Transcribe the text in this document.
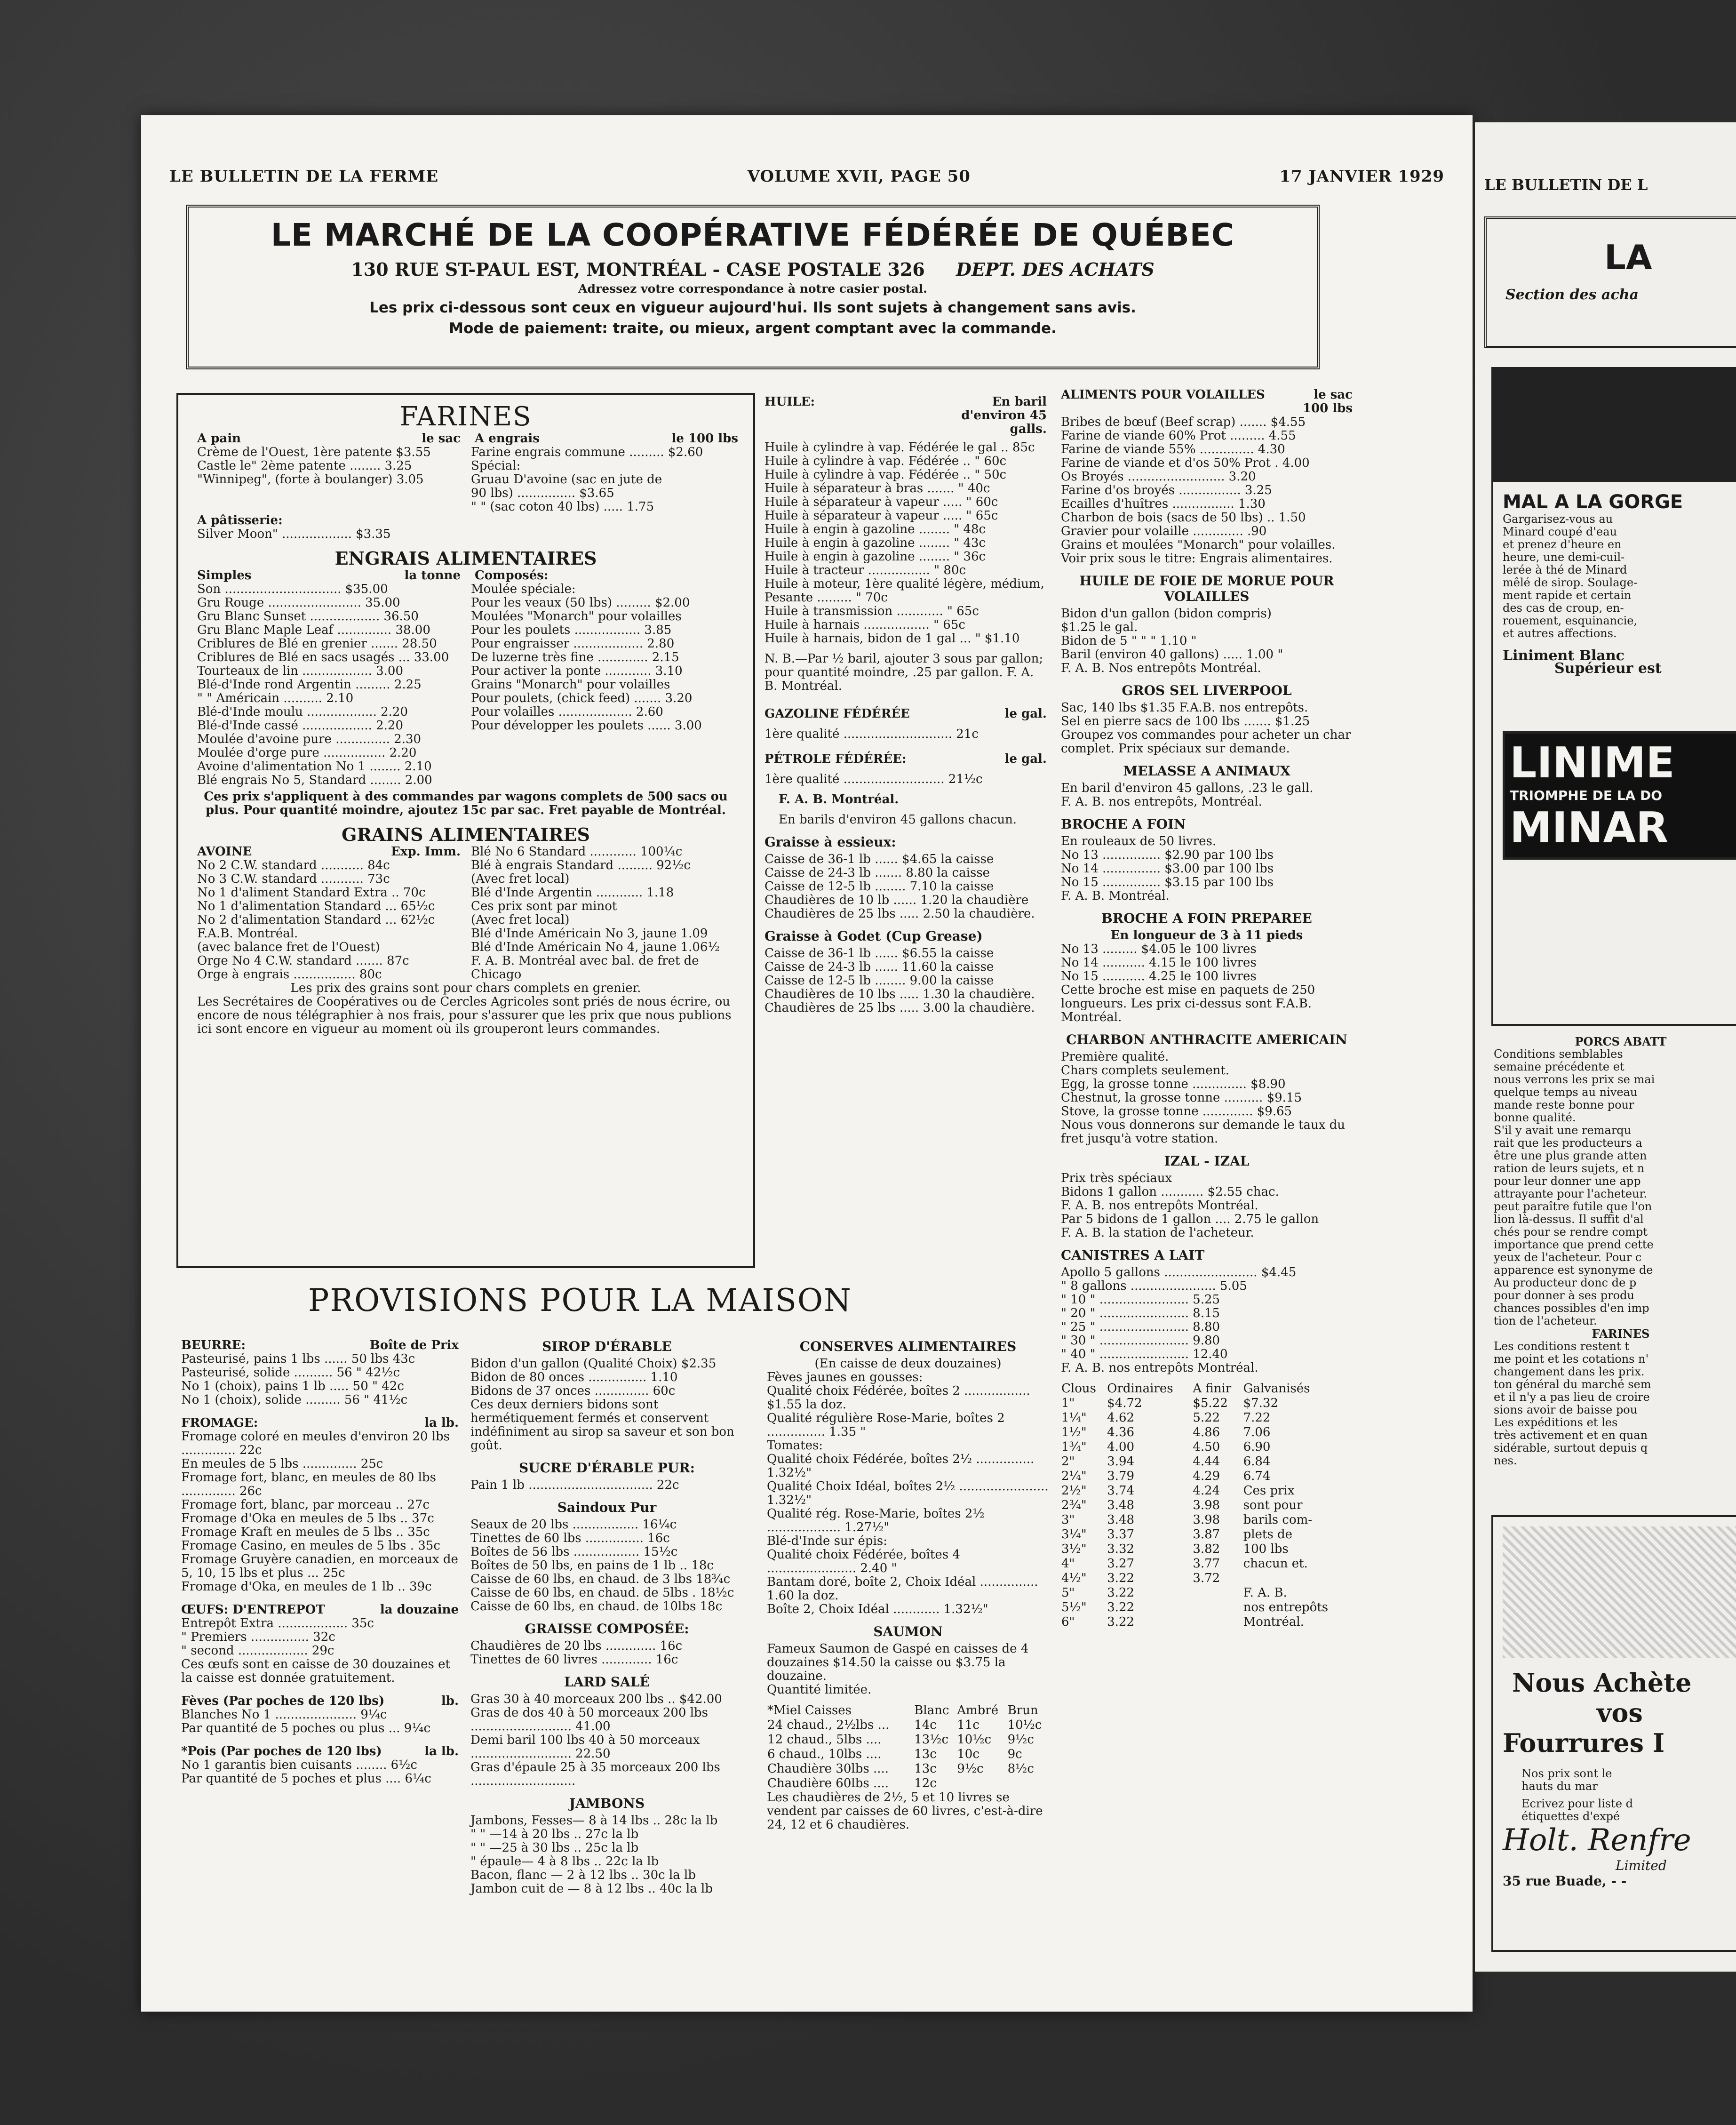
LE BULLETIN DE LA FERME	VOLUME XVII, PAGE 50	17 JANVIER 1929
LE MARCHÉ DE LA COOPÉRATIVE FÉDÉRÉE DE QUÉBEC
130 RUE ST-PAUL EST, MONTRÉAL - CASE POSTALE 326 DEPT. DES ACHATS
Adressez votre correspondance à notre casier postal.
Les prix ci-dessous sont ceux en vigueur aujourd'hui. Ils sont sujets à changement sans avis.
Mode de paiement: traite, ou mieux, argent comptant avec la commande.
FARINES
A pain	le sac A engrais	le 100 lbs
Crème de l'Ouest, 1ère patente $3.55
Castle le" 2ème patente ........ 3.25
"Winnipeg", (forte à boulanger) 3.05
Farine engrais commune ......... $2.60
Spécial:
Gruau D'avoine (sac en jute de
90 lbs) ............... $3.65
" " (sac coton 40 lbs) ..... 1.75
A pâtisserie:
Silver Moon" .................. $3.35
ENGRAIS ALIMENTAIRES
Simples	la tonne Composés:
Son .............................. $35.00
Gru Rouge ........................ 35.00
Gru Blanc Sunset .................. 36.50
Gru Blanc Maple Leaf .............. 38.00
Criblures de Blé en grenier ....... 28.50
Criblures de Blé en sacs usagés ... 33.00
Tourteaux de lin .................. 3.00
Blé-d'Inde rond Argentin ......... 2.25
" " Américain .......... 2.10
Blé-d'Inde moulu .................. 2.20
Blé-d'Inde cassé .................. 2.20
Moulée d'avoine pure .............. 2.30
Moulée d'orge pure ................ 2.20
Avoine d'alimentation No 1 ........ 2.10
Blé engrais No 5, Standard ........ 2.00
Moulée spéciale:
Pour les veaux (50 lbs) ......... $2.00
Moulées "Monarch" pour volailles
Pour les poulets ................. 3.85
Pour engraisser .................. 2.80
De luzerne très fine ............. 2.15
Pour activer la ponte ............ 3.10
Grains "Monarch" pour volailles
Pour poulets, (chick feed) ....... 3.20
Pour volailles ................... 2.60
Pour développer les poulets ...... 3.00
Ces prix s'appliquent à des commandes par wagons complets de 500 sacs ou plus. Pour quantité moindre, ajoutez 15c par sac. Fret payable de Montréal.
GRAINS ALIMENTAIRES
AVOINE	Exp. Imm.
No 2 C.W. standard ........... 84c
No 3 C.W. standard ........... 73c
No 1 d'aliment Standard Extra .. 70c
No 1 d'alimentation Standard ... 65½c
No 2 d'alimentation Standard ... 62½c
F.A.B. Montréal.
(avec balance fret de l'Ouest)
Orge No 4 C.W. standard ....... 87c
Orge à engrais ................ 80c
Blé No 6 Standard ............ 100¼c
Blé à engrais Standard ......... 92½c
(Avec fret local)
Blé d'Inde Argentin ............ 1.18
Ces prix sont par minot
(Avec fret local)
Blé d'Inde Américain No 3, jaune 1.09
Blé d'Inde Américain No 4, jaune 1.06½
F. A. B. Montréal avec bal. de fret de Chicago
Les prix des grains sont pour chars complets en grenier.
Les Secrétaires de Coopératives ou de Cercles Agricoles sont priés de nous écrire, ou encore de nous télégraphier à nos frais, pour s'assurer que les prix que nous publions ici sont encore en vigueur au moment où ils grouperont leurs commandes.
HUILE:	En baril d'environ 45 galls.
Huile à cylindre à vap. Fédérée le gal .. 85c
Huile à cylindre à vap. Fédérée .. " 60c
Huile à cylindre à vap. Fédérée .. " 50c
Huile à séparateur à bras ....... " 40c
Huile à séparateur à vapeur ..... " 60c
Huile à séparateur à vapeur ..... " 65c
Huile à engin à gazoline ........ " 48c
Huile à engin à gazoline ........ " 43c
Huile à engin à gazoline ........ " 36c
Huile à tracteur ................ " 80c
Huile à moteur, 1ère qualité légère, médium, Pesante ......... " 70c
Huile à transmission ............ " 65c
Huile à harnais ................. " 65c
Huile à harnais, bidon de 1 gal ... " $1.10
N. B.—Par ½ baril, ajouter 3 sous par gallon; pour quantité moindre, .25 par gallon. F. A. B. Montréal.
GAZOLINE FÉDÉRÉE	le gal.
1ère qualité ............................ 21c
PÉTROLE FÉDÉRÉE:	le gal.
1ère qualité .......................... 21½c
F. A. B. Montréal.
En barils d'environ 45 gallons chacun.
Graisse à essieux:
Caisse de 36-1 lb ...... $4.65 la caisse
Caisse de 24-3 lb ....... 8.80 la caisse
Caisse de 12-5 lb ........ 7.10 la caisse
Chaudières de 10 lb ...... 1.20 la chaudière
Chaudières de 25 lbs ..... 2.50 la chaudière.
Graisse à Godet (Cup Grease)
Caisse de 36-1 lb ...... $6.55 la caisse
Caisse de 24-3 lb ...... 11.60 la caisse
Caisse de 12-5 lb ........ 9.00 la caisse
Chaudières de 10 lbs ..... 1.30 la chaudière.
Chaudières de 25 lbs ..... 3.00 la chaudière.
ALIMENTS POUR VOLAILLES	le sac 100 lbs
Bribes de bœuf (Beef scrap) ....... $4.55
Farine de viande 60% Prot ......... 4.55
Farine de viande 55% .............. 4.30
Farine de viande et d'os 50% Prot . 4.00
Os Broyés ......................... 3.20
Farine d'os broyés ................ 3.25
Ecailles d'huîtres ................ 1.30
Charbon de bois (sacs de 50 lbs) .. 1.50
Gravier pour volaille ............. .90
Grains et moulées "Monarch" pour volailles. Voir prix sous le titre: Engrais alimentaires.
HUILE DE FOIE DE MORUE POUR VOLAILLES
Bidon d'un gallon (bidon compris)
$1.25 le gal.
Bidon de 5 " " " 1.10 "
Baril (environ 40 gallons) ..... 1.00 "
F. A. B. Nos entrepôts Montréal.
GROS SEL LIVERPOOL
Sac, 140 lbs $1.35 F.A.B. nos entrepôts.
Sel en pierre sacs de 100 lbs ....... $1.25
Groupez vos commandes pour acheter un char complet. Prix spéciaux sur demande.
MELASSE A ANIMAUX
En baril d'environ 45 gallons, .23 le gall.
F. A. B. nos entrepôts, Montréal.
BROCHE A FOIN
En rouleaux de 50 livres.
No 13 ............... $2.90 par 100 lbs
No 14 ............... $3.00 par 100 lbs
No 15 ............... $3.15 par 100 lbs
F. A. B. Montréal.
BROCHE A FOIN PREPAREE
En longueur de 3 à 11 pieds
No 13 ......... $4.05 le 100 livres
No 14 ........... 4.15 le 100 livres
No 15 ........... 4.25 le 100 livres
Cette broche est mise en paquets de 250 longueurs. Les prix ci-dessus sont F.A.B. Montréal.
CHARBON ANTHRACITE AMERICAIN
Première qualité.
Chars complets seulement.
Egg, la grosse tonne .............. $8.90
Chestnut, la grosse tonne .......... $9.15
Stove, la grosse tonne ............. $9.65
Nous vous donnerons sur demande le taux du fret jusqu'à votre station.
IZAL - IZAL
Prix très spéciaux
Bidons 1 gallon ........... $2.55 chac.
F. A. B. nos entrepôts Montréal.
Par 5 bidons de 1 gallon .... 2.75 le gallon
F. A. B. la station de l'acheteur.
CANISTRES A LAIT
Apollo 5 gallons ........................ $4.45
" 8 gallons ...................... 5.05
" 10 " ....................... 5.25
" 20 " ....................... 8.15
" 25 " ....................... 8.80
" 30 " ....................... 9.80
" 40 " ....................... 12.40
F. A. B. nos entrepôts Montréal.
Clous	Ordinaires	A finir	Galvanisés
1"	$4.72	$5.22	$7.32
1¼"	4.62	5.22	7.22
1½"	4.36	4.86	7.06
1¾"	4.00	4.50	6.90
2"	3.94	4.44	6.84
2¼"	3.79	4.29	6.74
2½"	3.74	4.24	Ces prix
2¾"	3.48	3.98	sont pour
3"	3.48	3.98	barils com-
3¼"	3.37	3.87	plets de
3½"	3.32	3.82	100 lbs
4"	3.27	3.77	chacun et.
4½"	3.22	3.72	
5"	3.22		F. A. B.
5½"	3.22		nos entrepôts
6"	3.22		Montréal.
PROVISIONS POUR LA MAISON
BEURRE:	Boîte de Prix
Pasteurisé, pains 1 lbs ...... 50 lbs 43c
Pasteurisé, solide .......... 56 " 42½c
No 1 (choix), pains 1 lb ..... 50 " 42c
No 1 (choix), solide ......... 56 " 41½c
FROMAGE:	la lb.
Fromage coloré en meules d'environ 20 lbs .............. 22c
En meules de 5 lbs .............. 25c
Fromage fort, blanc, en meules de 80 lbs .............. 26c
Fromage fort, blanc, par morceau .. 27c
Fromage d'Oka en meules de 5 lbs .. 37c
Fromage Kraft en meules de 5 lbs .. 35c
Fromage Casino, en meules de 5 lbs . 35c
Fromage Gruyère canadien, en morceaux de 5, 10, 15 lbs et plus ... 25c
Fromage d'Oka, en meules de 1 lb .. 39c
ŒUFS: D'ENTREPOT	la douzaine
Entrepôt Extra .................. 35c
" Premiers ............... 32c
" second .................. 29c
Ces œufs sont en caisse de 30 douzaines et la caisse est donnée gratuitement.
Fèves (Par poches de 120 lbs)	lb.
Blanches No 1 ..................... 9¼c
Par quantité de 5 poches ou plus ... 9¼c
*Pois (Par poches de 120 lbs)	la lb.
No 1 garantis bien cuisants ........ 6½c
Par quantité de 5 poches et plus .... 6¼c
SIROP D'ÉRABLE
Bidon d'un gallon (Qualité Choix) $2.35
Bidon de 80 onces ............... 1.10
Bidons de 37 onces .............. 60c
Ces deux derniers bidons sont hermétiquement fermés et conservent indéfiniment au sirop sa saveur et son bon goût.
SUCRE D'ÉRABLE PUR:
Pain 1 lb ................................ 22c
Saindoux Pur
Seaux de 20 lbs ................. 16¼c
Tinettes de 60 lbs ............... 16c
Boîtes de 56 lbs ................. 15½c
Boîtes de 50 lbs, en pains de 1 lb .. 18c
Caisse de 60 lbs, en chaud. de 3 lbs 18¾c
Caisse de 60 lbs, en chaud. de 5lbs . 18½c
Caisse de 60 lbs, en chaud. de 10lbs 18c
GRAISSE COMPOSÉE:
Chaudières de 20 lbs ............. 16c
Tinettes de 60 livres ............. 16c
LARD SALÉ
Gras 30 à 40 morceaux 200 lbs .. $42.00
Gras de dos 40 à 50 morceaux 200 lbs .......................... 41.00
Demi baril 100 lbs 40 à 50 morceaux .......................... 22.50
Gras d'épaule 25 à 35 morceaux 200 lbs ...........................
JAMBONS
Jambons, Fesses— 8 à 14 lbs .. 28c la lb
" " —14 à 20 lbs .. 27c la lb
" " —25 à 30 lbs .. 25c la lb
" épaule— 4 à 8 lbs .. 22c la lb
Bacon, flanc — 2 à 12 lbs .. 30c la lb
Jambon cuit de — 8 à 12 lbs .. 40c la lb
CONSERVES ALIMENTAIRES
(En caisse de deux douzaines)
Fèves jaunes en gousses:
Qualité choix Fédérée, boîtes 2 ................. $1.55 la doz.
Qualité régulière Rose-Marie, boîtes 2 ............... 1.35 "
Tomates:
Qualité choix Fédérée, boîtes 2½ ............... 1.32½"
Qualité Choix Idéal, boîtes 2½ ....................... 1.32½"
Qualité rég. Rose-Marie, boîtes 2½ ................... 1.27½"
Blé-d'Inde sur épis:
Qualité choix Fédérée, boîtes 4 ....................... 2.40 "
Bantam doré, boîte 2, Choix Idéal ............... 1.60 la doz.
Boîte 2, Choix Idéal ............ 1.32½"
SAUMON
Fameux Saumon de Gaspé en caisses de 4 douzaines $14.50 la caisse ou $3.75 la douzaine.
Quantité limitée.
*Miel Caisses	Blanc	Ambré	Brun
24 chaud., 2½lbs ...	14c	11c	10½c
12 chaud., 5lbs ....	13½c	10½c	9½c
6 chaud., 10lbs ....	13c	10c	9c
Chaudière 30lbs ....	13c	9½c	8½c
Chaudière 60lbs ....	12c		
Les chaudières de 2½, 5 et 10 livres se vendent par caisses de 60 livres, c'est-à-dire 24, 12 et 6 chaudières.
LE BULLETIN DE L
LA
Section des acha
MAL A LA GORGE
Gargarisez-vous au
Minard coupé d'eau
et prenez d'heure en
heure, une demi-cuil-
lerée à thé de Minard
mêlé de sirop. Soulage-
ment rapide et certain
des cas de croup, en-
rouement, esquinancie,
et autres affections.
Liniment Blanc
Supérieur est
LINIME
TRIOMPHE DE LA DO
MINAR
PORCS ABATT
Conditions semblables
semaine précédente et
nous verrons les prix se mai
quelque temps au niveau
mande reste bonne pour
bonne qualité.
S'il y avait une remarqu
rait que les producteurs a
être une plus grande atten
ration de leurs sujets, et n
pour leur donner une app
attrayante pour l'acheteur.
peut paraître futile que l'on
lion là-dessus. Il suffit d'al
chés pour se rendre compt
importance que prend cette
yeux de l'acheteur. Pour c
apparence est synonyme de
Au producteur donc de p
pour donner à ses produ
chances possibles d'en imp
tion de l'acheteur.
FARINES
Les conditions restent t
me point et les cotations n'
changement dans les prix.
ton général du marché sem
et il n'y a pas lieu de croire
sions avoir de baisse pou
Les expéditions et les
très activement et en quan
sidérable, surtout depuis q
nes.
Nous Achète
vos
Fourrures I
Nos prix sont le
hauts du mar
Ecrivez pour liste d
étiquettes d'expé
Holt. Renfre
Limited
35 rue Buade, - -
